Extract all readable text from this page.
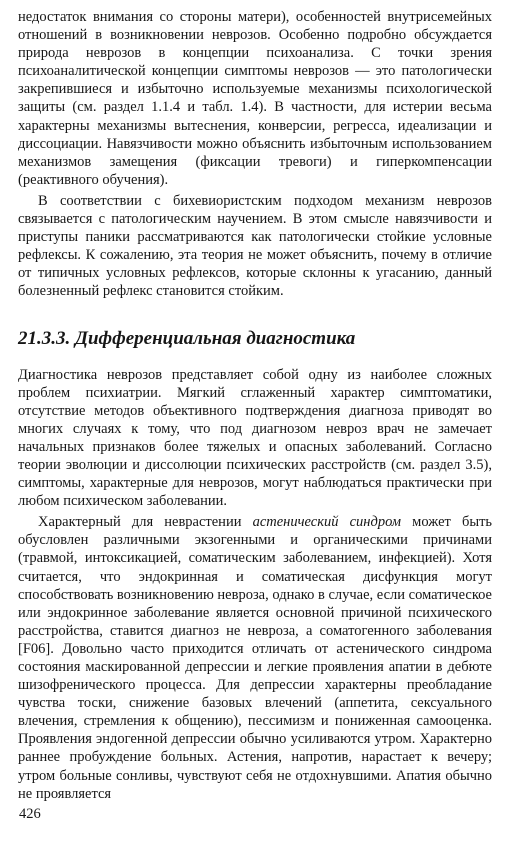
недостаток внимания со стороны матери), особенностей внутрисемейных отношений в возникновении неврозов. Особенно подробно обсуждается природа неврозов в концепции психоанализа. С точки зрения психоаналитической концепции симптомы неврозов — это патологически закрепившиеся и избыточно используемые механизмы психологической защиты (см. раздел 1.1.4 и табл. 1.4). В частности, для истерии весьма характерны механизмы вытеснения, конверсии, регресса, идеализации и диссоциации. Навязчивости можно объяснить избыточным использованием механизмов замещения (фиксации тревоги) и гиперкомпенсации (реактивного обучения).

В соответствии с бихевиористским подходом механизм неврозов связывается с патологическим научением. В этом смысле навязчивости и приступы паники рассматриваются как патологически стойкие условные рефлексы. К сожалению, эта теория не может объяснить, почему в отличие от типичных условных рефлексов, которые склонны к угасанию, данный болезненный рефлекс становится стойким.

21.3.3. Дифференциальная диагностика

Диагностика неврозов представляет собой одну из наиболее сложных проблем психиатрии. Мягкий сглаженный характер симптоматики, отсутствие методов объективного подтверждения диагноза приводят во многих случаях к тому, что под диагнозом невроз врач не замечает начальных признаков более тяжелых и опасных заболеваний. Согласно теории эволюции и диссолюции психических расстройств (см. раздел 3.5), симптомы, характерные для неврозов, могут наблюдаться практически при любом психическом заболевании.

Характерный для неврастении астенический синдром может быть обусловлен различными экзогенными и органическими причинами (травмой, интоксикацией, соматическим заболеванием, инфекцией). Хотя считается, что эндокринная и соматическая дисфункция могут способствовать возникновению невроза, однако в случае, если соматическое или эндокринное заболевание является основной причиной психического расстройства, ставится диагноз не невроза, а соматогенного заболевания [F06]. Довольно часто приходится отличать от астенического синдрома состояния маскированной депрессии и легкие проявления апатии в дебюте шизофренического процесса. Для депрессии характерны преобладание чувства тоски, снижение базовых влечений (аппетита, сексуального влечения, стремления к общению), пессимизм и пониженная самооценка. Проявления эндогенной депрессии обычно усиливаются утром. Характерно раннее пробуждение больных. Астения, напротив, нарастает к вечеру; утром больные сонливы, чувствуют себя не отдохнувшими. Апатия обычно не проявляется

426
